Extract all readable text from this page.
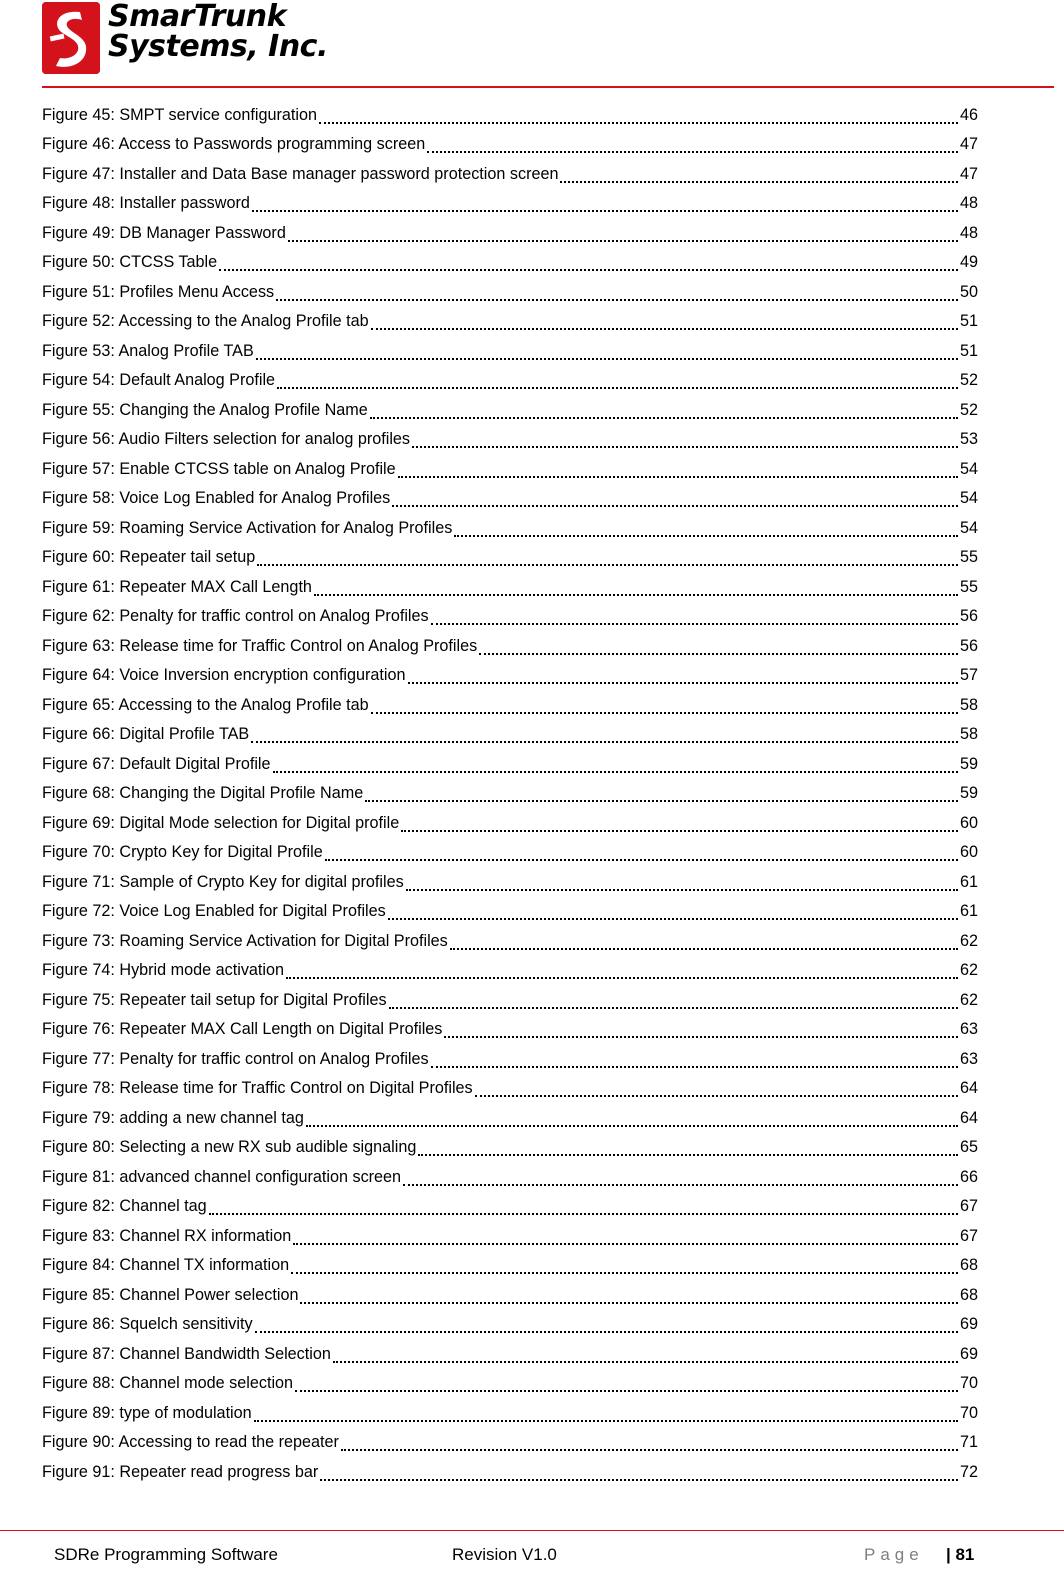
SmarTrunk
Systems, Inc.
Figure 45: SMPT service configuration	46
Figure 46: Access to Passwords programming screen	47
Figure 47: Installer and Data Base manager password protection screen	47
Figure 48: Installer password	48
Figure 49: DB Manager Password	48
Figure 50: CTCSS Table	49
Figure 51: Profiles Menu Access	50
Figure 52: Accessing to the Analog Profile tab	51
Figure 53: Analog Profile TAB	51
Figure 54: Default Analog Profile	52
Figure 55: Changing the Analog Profile Name	52
Figure 56: Audio Filters selection for analog profiles	53
Figure 57: Enable CTCSS table on Analog Profile	54
Figure 58: Voice Log Enabled for Analog Profiles	54
Figure 59: Roaming Service Activation for Analog Profiles	54
Figure 60: Repeater tail setup	55
Figure 61: Repeater MAX Call Length	55
Figure 62: Penalty for traffic control on Analog Profiles	56
Figure 63: Release time for Traffic Control on Analog Profiles	56
Figure 64: Voice Inversion encryption configuration	57
Figure 65: Accessing to the Analog Profile tab	58
Figure 66: Digital Profile TAB	58
Figure 67: Default Digital Profile	59
Figure 68: Changing the Digital Profile Name	59
Figure 69: Digital Mode selection for Digital profile	60
Figure 70: Crypto Key for Digital Profile	60
Figure 71: Sample of Crypto Key for digital profiles	61
Figure 72: Voice Log Enabled for Digital Profiles	61
Figure 73: Roaming Service Activation for Digital Profiles	62
Figure 74: Hybrid mode activation	62
Figure 75: Repeater tail setup for Digital Profiles	62
Figure 76: Repeater MAX Call Length on Digital Profiles	63
Figure 77: Penalty for traffic control on Analog Profiles	63
Figure 78: Release time for Traffic Control on Digital Profiles	64
Figure 79: adding a new channel tag	64
Figure 80: Selecting a new RX sub audible signaling	65
Figure 81: advanced channel configuration screen	66
Figure 82: Channel tag	67
Figure 83: Channel RX information	67
Figure 84: Channel TX information	68
Figure 85: Channel Power selection	68
Figure 86: Squelch sensitivity	69
Figure 87: Channel Bandwidth Selection	69
Figure 88: Channel mode selection	70
Figure 89: type of modulation	70
Figure 90: Accessing to read the repeater	71
Figure 91: Repeater read progress bar	72
SDRe Programming Software	Revision V1.0	Page | 81
